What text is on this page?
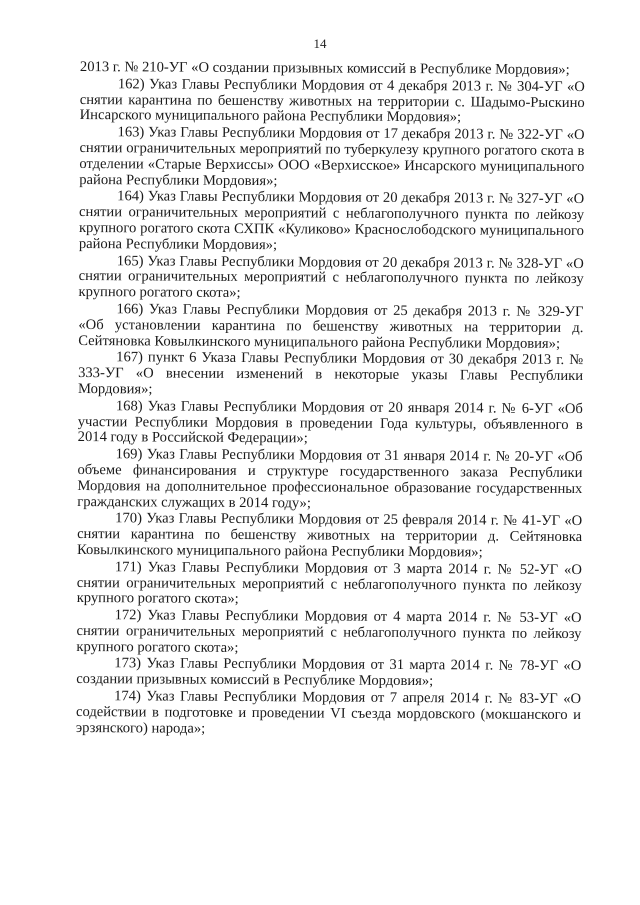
14

2013 г. № 210-УГ «О создании призывных комиссий в Республике Мордовия»;

162) Указ Главы Республики Мордовия от 4 декабря 2013 г. № 304-УГ «О снятии карантина по бешенству животных на территории с. Шадымо-Рыскино Инсарского муниципального района Республики Мордовия»;

163) Указ Главы Республики Мордовия от 17 декабря 2013 г. № 322-УГ «О снятии ограничительных мероприятий по туберкулезу крупного рогатого скота в отделении «Старые Верхиссы» ООО «Верхисское» Инсарского муниципального района Республики Мордовия»;

164) Указ Главы Республики Мордовия от 20 декабря 2013 г. № 327-УГ «О снятии ограничительных мероприятий с неблагополучного пункта по лейкозу крупного рогатого скота СХПК «Куликово» Краснослободского муниципального района Республики Мордовия»;

165) Указ Главы Республики Мордовия от 20 декабря 2013 г. № 328-УГ «О снятии ограничительных мероприятий с неблагополучного пункта по лейкозу крупного рогатого скота»;

166) Указ Главы Республики Мордовия от 25 декабря 2013 г. № 329-УГ «Об установлении карантина по бешенству животных на территории д. Сейтяновка Ковылкинского муниципального района Республики Мордовия»;

167) пункт 6 Указа Главы Республики Мордовия от 30 декабря 2013 г. № 333-УГ «О внесении изменений в некоторые указы Главы Республики Мордовия»;

168) Указ Главы Республики Мордовия от 20 января 2014 г. № 6-УГ «Об участии Республики Мордовия в проведении Года культуры, объявленного в 2014 году в Российской Федерации»;

169) Указ Главы Республики Мордовия от 31 января 2014 г. № 20-УГ «Об объеме финансирования и структуре государственного заказа Республики Мордовия на дополнительное профессиональное образование государственных гражданских служащих в 2014 году»;

170) Указ Главы Республики Мордовия от 25 февраля 2014 г. № 41-УГ «О снятии карантина по бешенству животных на территории д. Сейтяновка Ковылкинского муниципального района Республики Мордовия»;

171) Указ Главы Республики Мордовия от 3 марта 2014 г. № 52-УГ «О снятии ограничительных мероприятий с неблагополучного пункта по лейкозу крупного рогатого скота»;

172) Указ Главы Республики Мордовия от 4 марта 2014 г. № 53-УГ «О снятии ограничительных мероприятий с неблагополучного пункта по лейкозу крупного рогатого скота»;

173) Указ Главы Республики Мордовия от 31 марта 2014 г. № 78-УГ «О создании призывных комиссий в Республике Мордовия»;

174) Указ Главы Республики Мордовия от 7 апреля 2014 г. № 83-УГ «О содействии в подготовке и проведении VI съезда мордовского (мокшанского и эрзянского) народа»;
